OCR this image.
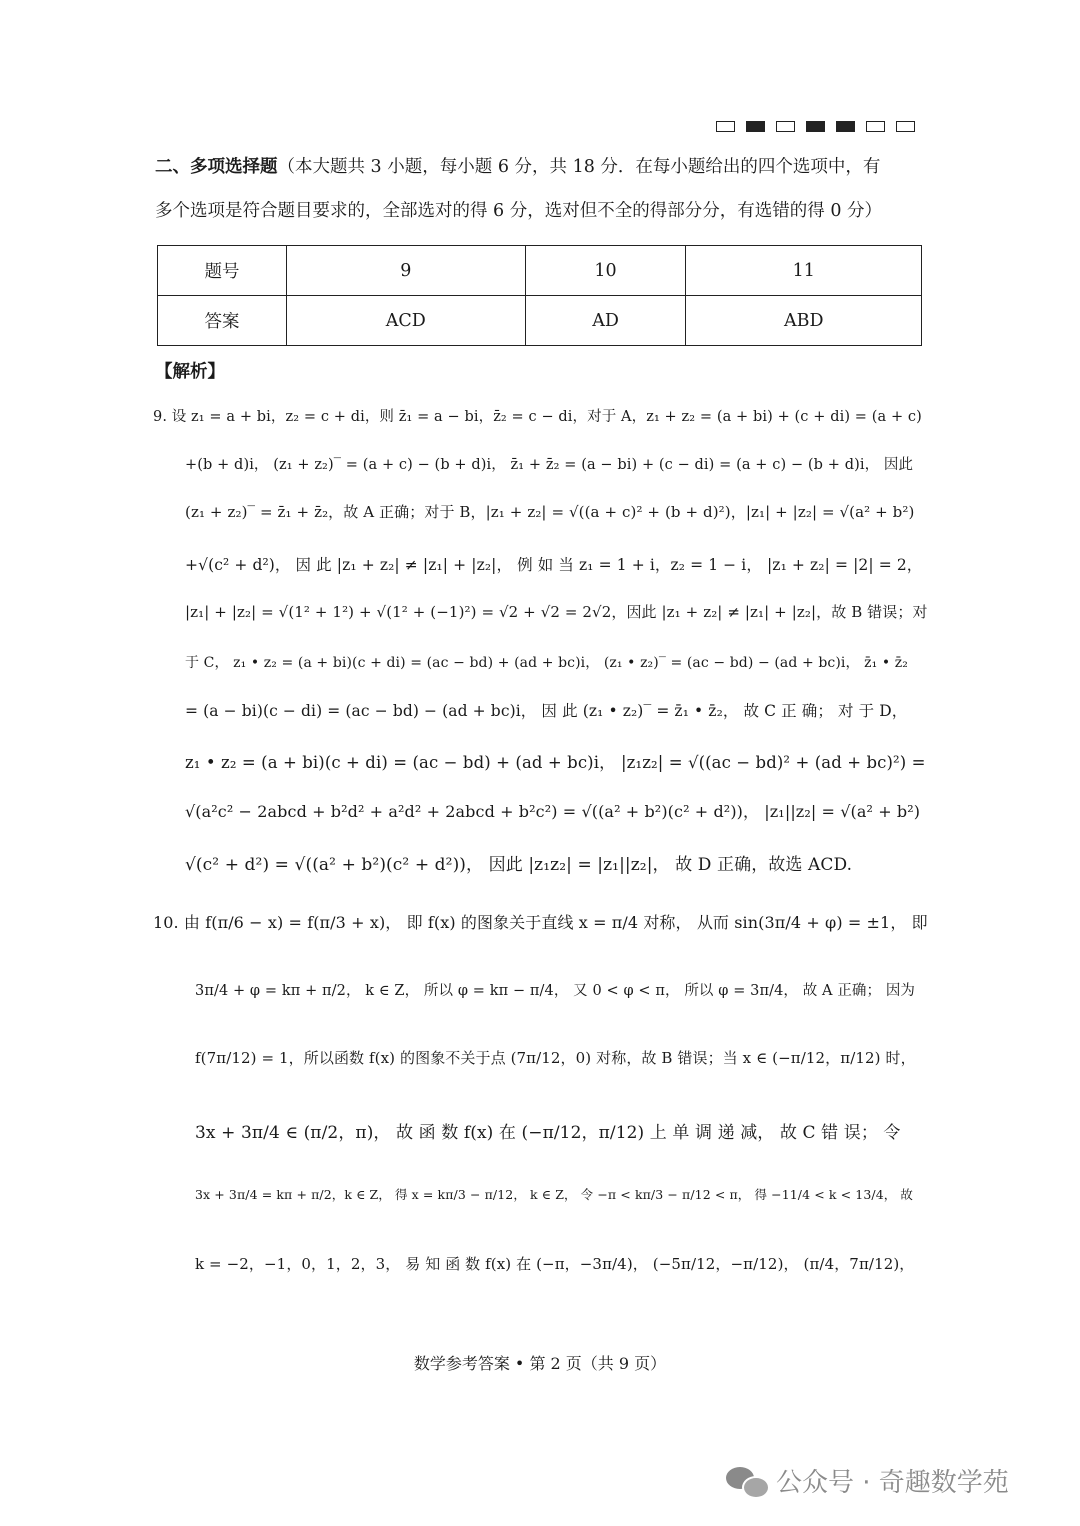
二、多项选择题（本大题共 3 小题，每小题 6 分，共 18 分．在每小题给出的四个选项中，有
多个选项是符合题目要求的，全部选对的得 6 分，选对但不全的得部分分，有选错的得 0 分）
题号	9	10	11
答案	ACD	AD	ABD
【解析】
9. 设 z₁ = a + bi，z₂ = c + di，则 z̄₁ = a − bi，z̄₂ = c − di，对于 A，z₁ + z₂ = (a + bi) + (c + di) = (a + c)
+(b + d)i， (z₁ + z₂)‾ = (a + c) − (b + d)i， z̄₁ + z̄₂ = (a − bi) + (c − di) = (a + c) − (b + d)i， 因此
(z₁ + z₂)‾ = z̄₁ + z̄₂，故 A 正确；对于 B，|z₁ + z₂| = √((a + c)² + (b + d)²)，|z₁| + |z₂| = √(a² + b²)
+√(c² + d²)， 因 此 |z₁ + z₂| ≠ |z₁| + |z₂|， 例 如 当 z₁ = 1 + i，z₂ = 1 − i， |z₁ + z₂| = |2| = 2，
|z₁| + |z₂| = √(1² + 1²) + √(1² + (−1)²) = √2 + √2 = 2√2，因此 |z₁ + z₂| ≠ |z₁| + |z₂|，故 B 错误；对
于 C， z₁ • z₂ = (a + bi)(c + di) = (ac − bd) + (ad + bc)i， (z₁ • z₂)‾ = (ac − bd) − (ad + bc)i， z̄₁ • z̄₂
= (a − bi)(c − di) = (ac − bd) − (ad + bc)i， 因 此 (z₁ • z₂)‾ = z̄₁ • z̄₂， 故 C 正 确； 对 于 D，
z₁ • z₂ = (a + bi)(c + di) = (ac − bd) + (ad + bc)i， |z₁z₂| = √((ac − bd)² + (ad + bc)²) =
√(a²c² − 2abcd + b²d² + a²d² + 2abcd + b²c²) = √((a² + b²)(c² + d²))， |z₁||z₂| = √(a² + b²)
√(c² + d²) = √((a² + b²)(c² + d²))， 因此 |z₁z₂| = |z₁||z₂|， 故 D 正确，故选 ACD.
10. 由 f(π/6 − x) = f(π/3 + x)， 即 f(x) 的图象关于直线 x = π/4 对称， 从而 sin(3π/4 + φ) = ±1， 即
3π/4 + φ = kπ + π/2， k ∈ Z， 所以 φ = kπ − π/4， 又 0 < φ < π， 所以 φ = 3π/4， 故 A 正确； 因为
f(7π/12) = 1，所以函数 f(x) 的图象不关于点 (7π/12，0) 对称，故 B 错误；当 x ∈ (−π/12，π/12) 时，
3x + 3π/4 ∈ (π/2，π)， 故 函 数 f(x) 在 (−π/12，π/12) 上 单 调 递 减， 故 C 错 误； 令
3x + 3π/4 = kπ + π/2，k ∈ Z， 得 x = kπ/3 − π/12， k ∈ Z， 令 −π < kπ/3 − π/12 < π， 得 −11/4 < k < 13/4， 故
k = −2，−1，0，1，2，3， 易 知 函 数 f(x) 在 (−π，−3π/4)， (−5π/12，−π/12)， (π/4，7π/12)，
数学参考答案 • 第 2 页（共 9 页）
公众号 · 奇趣数学苑
